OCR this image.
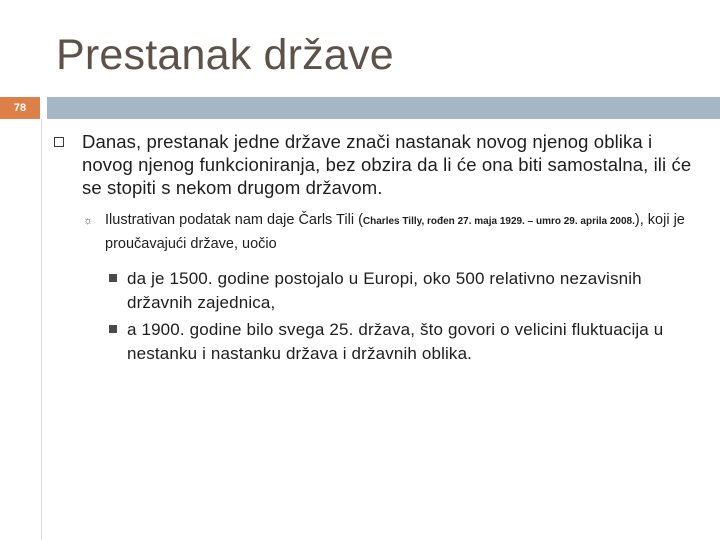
Prestanak države
78
Danas, prestanak jedne države znači nastanak novog njenog oblika i novog njenog funkcioniranja, bez obzira da li će ona biti samostalna, ili će se stopiti s nekom drugom državom.
☼ Ilustrativan podatak nam daje Čarls Tili (Charles Tilly, rođen 27. maja 1929. – umro 29. aprila 2008.), koji je proučavajući države, uočio
da je 1500. godine postojalo u Europi, oko 500 relativno nezavisnih državnih zajednica,
a 1900. godine bilo svega 25. država, što govori o velicini fluktuacija u nestanku i nastanku država i državnih oblika.
